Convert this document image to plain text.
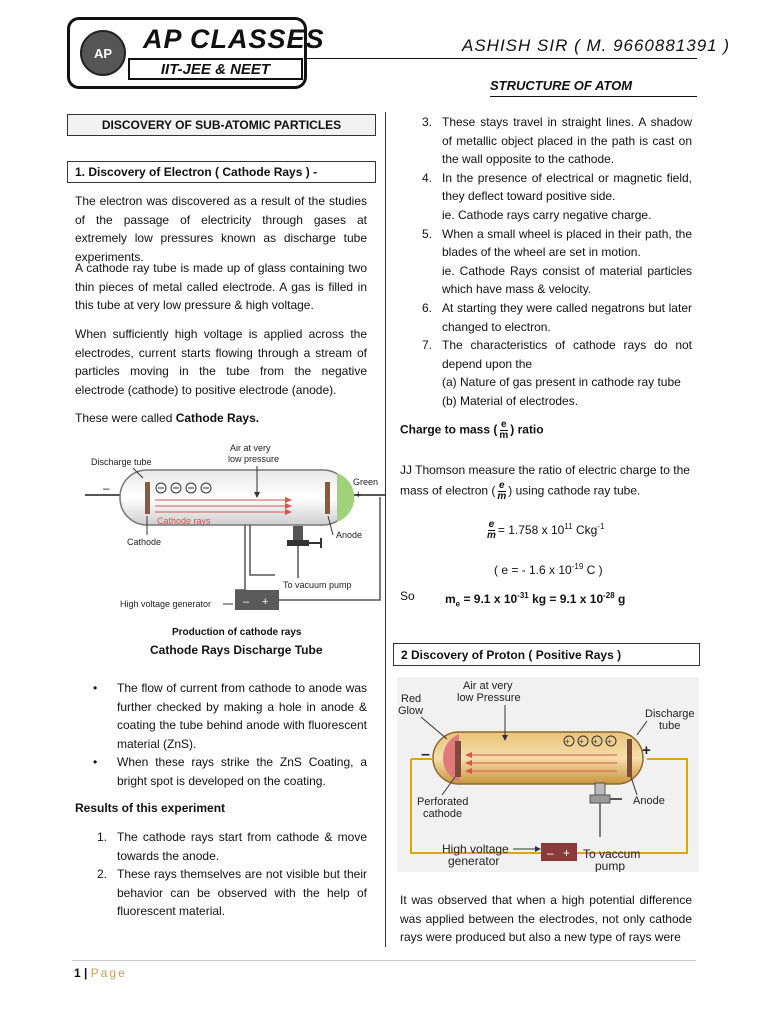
AP AP CLASSES
IIT-JEE & NEET
ASHISH SIR ( M. 9660881391 )
STRUCTURE OF ATOM
DISCOVERY OF SUB-ATOMIC PARTICLES
1. Discovery of Electron ( Cathode Rays ) -
The electron was discovered as a result of the studies of the passage of electricity through gases at extremely low pressures known as discharge tube experiments.
A cathode ray tube is made up of glass containing two thin pieces of metal called electrode. A gas is filled in this tube at very low pressure & high voltage.
When sufficiently high voltage is applied across the electrodes, current starts flowing through a stream of particles moving in the tube from the negative electrode (cathode) to positive electrode (anode).
These were called Cathode Rays.
Cathode rays
Discharge tube
Air at very
low pressure
Green
+
–
Cathode
Anode
To vacuum pump
– +
High voltage generator
Production of cathode rays
Cathode Rays Discharge Tube
• The flow of current from cathode to anode was further checked by making a hole in anode & coating the tube behind anode with fluorescent material (ZnS).
• When these rays strike the ZnS Coating, a bright spot is developed on the coating.
Results of this experiment
1. The cathode rays start from cathode & move towards the anode.
2. These rays themselves are not visible but their behavior can be observed with the help of fluorescent material.
3. These stays travel in straight lines. A shadow of metallic object placed in the path is cast on the wall opposite to the cathode.
4. In the presence of electrical or magnetic field, they deflect toward positive side.
ie. Cathode rays carry negative charge.
5. When a small wheel is placed in their path, the blades of the wheel are set in motion.
ie. Cathode Rays consist of material particles which have mass & velocity.
6. At starting they were called negatrons but later changed to electron.
7. The characteristics of cathode rays do not depend upon the
(a) Nature of gas present in cathode ray tube
(b) Material of electrodes.
Charge to mass ( $\frac{e}{m}$ ) ratio
JJ Thomson measure the ratio of electric charge to the
mass of electron ( $\frac{e}{m}$ ) using cathode ray tube.
$\frac{e}{m} = 1.758$ x $10^{11}$ Ckg$^{-1}$
( e = - 1.6 x $10^{-19}$ C )
So	$m_e = 9.1$ x $10^{-31}$ kg = 9.1 x $10^{-28}$ g
2 Discovery of Proton ( Positive Rays )
+ + + +
Air at very
low Pressure
Red
Glow	Discharge
tube
–	+
Perforated
cathode
Anode
– +
High voltage
generator	To vaccum
pump
It was observed that when a high potential difference was applied between the electrodes, not only cathode rays were produced but also a new type of rays were
1 | Page
